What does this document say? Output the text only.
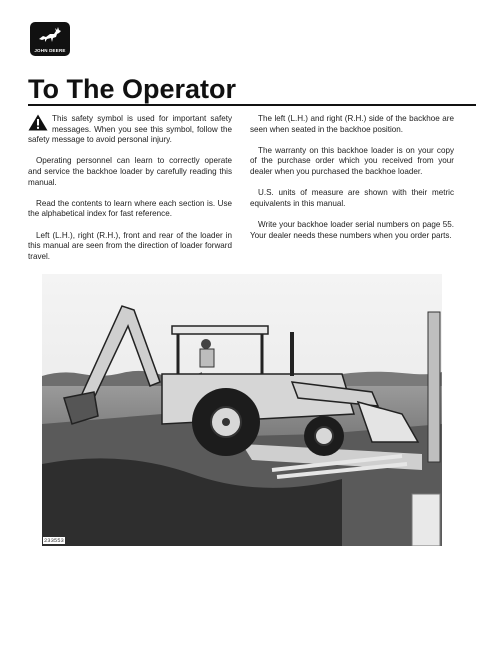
JOHN DEERE
To The Operator

This safety symbol is used for important safety messages. When you see this symbol, follow the safety message to avoid personal injury.

Operating personnel can learn to correctly operate and service the backhoe loader by carefully reading this manual.

Read the contents to learn where each section is. Use the alphabetical index for fast reference.

Left (L.H.), right (R.H.), front and rear of the loader in this manual are seen from the direction of loader forward travel.

The left (L.H.) and right (R.H.) side of the backhoe are seen when seated in the backhoe position.

The warranty on this backhoe loader is on your copy of the purchase order which you received from your dealer when you purchased the backhoe loader.

U.S. units of measure are shown with their metric equivalents in this manual.

Write your backhoe loader serial numbers on page 55. Your dealer needs these numbers when you order parts.

233553
